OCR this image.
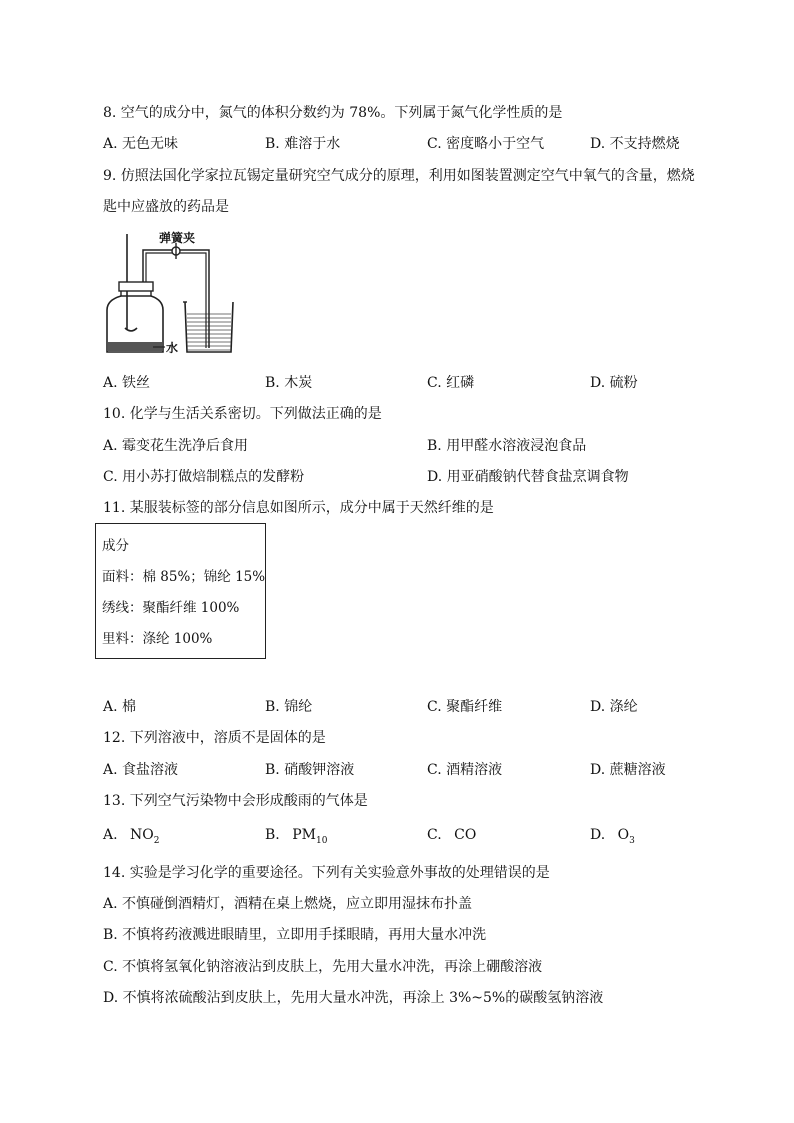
8. 空气的成分中，氮气的体积分数约为 78%。下列属于氮气化学性质的是
A. 无色无味	B. 难溶于水	C. 密度略小于空气	D. 不支持燃烧
9. 仿照法国化学家拉瓦锡定量研究空气成分的原理，利用如图装置测定空气中氧气的含量，燃烧
匙中应盛放的药品是
弹簧夹
水
A. 铁丝	B. 木炭	C. 红磷	D. 硫粉
10. 化学与生活关系密切。下列做法正确的是
A. 霉变花生洗净后食用	B. 用甲醛水溶液浸泡食品
C. 用小苏打做焙制糕点的发酵粉	D. 用亚硝酸钠代替食盐烹调食物
11. 某服装标签的部分信息如图所示，成分中属于天然纤维的是
成分
面料：棉 85%；锦纶 15%
绣线：聚酯纤维 100%
里料：涤纶 100%
A. 棉	B. 锦纶	C. 聚酯纤维	D. 涤纶
12. 下列溶液中，溶质不是固体的是
A. 食盐溶液	B. 硝酸钾溶液	C. 酒精溶液	D. 蔗糖溶液
13. 下列空气污染物中会形成酸雨的气体是
A. $NO_2$	B. $PM_{10}$	C. CO	D. $O_3$
14. 实验是学习化学的重要途径。下列有关实验意外事故的处理错误的是
A. 不慎碰倒酒精灯，酒精在桌上燃烧，应立即用湿抹布扑盖
B. 不慎将药液溅进眼睛里，立即用手揉眼睛，再用大量水冲洗
C. 不慎将氢氧化钠溶液沾到皮肤上，先用大量水冲洗，再涂上硼酸溶液
D. 不慎将浓硫酸沾到皮肤上，先用大量水冲洗，再涂上 3%~5%的碳酸氢钠溶液
